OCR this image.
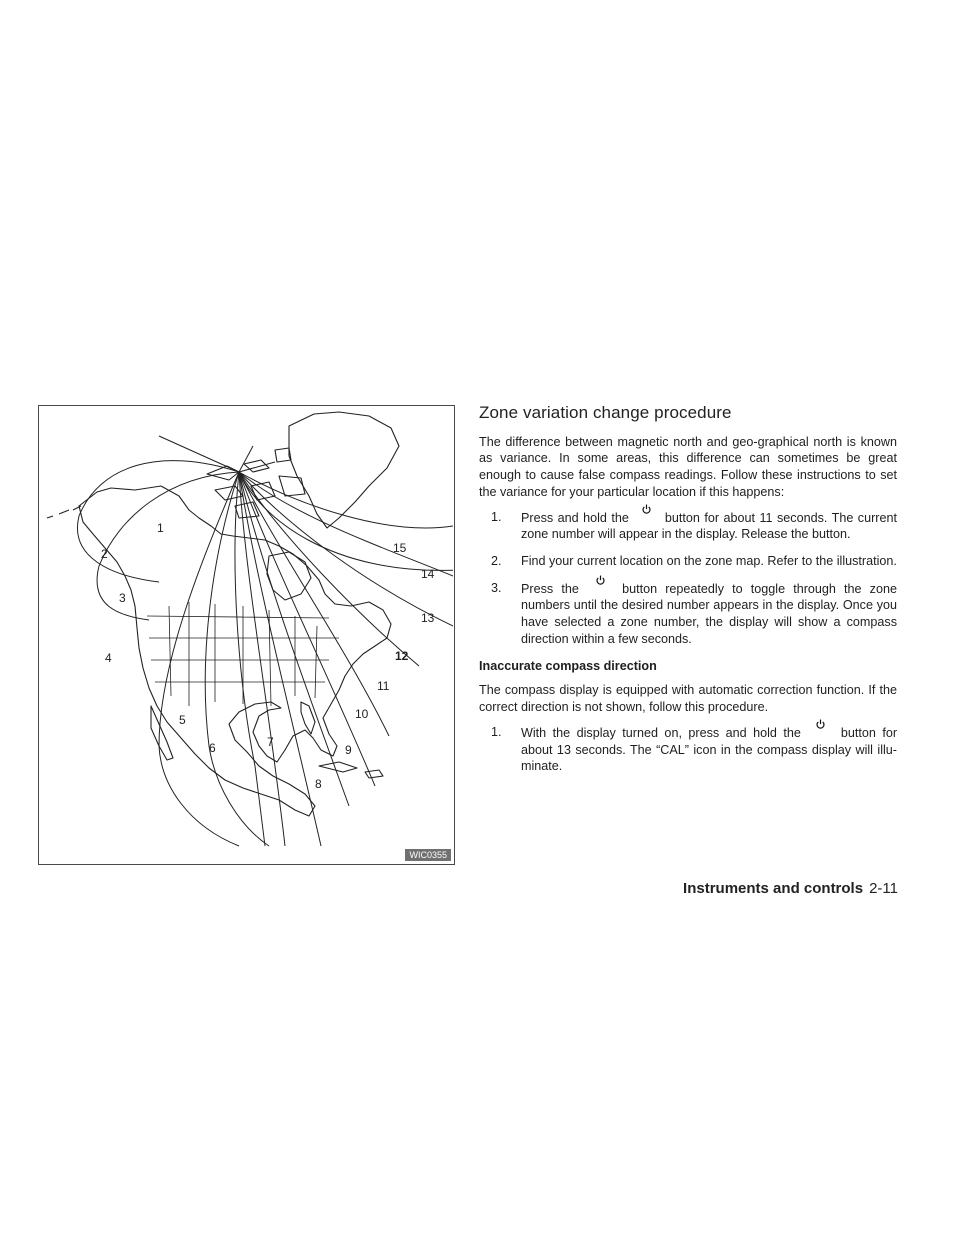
1
2
3
4
5
6	7
8
9
10
11
12
13
14
15
WIC0355
Zone variation change procedure

The difference between magnetic north and geo-graphical north is known as variance. In some areas, this difference can sometimes be great enough to cause false compass readings. Follow these instructions to set the variance for your particular location if this happens:

1. Press and hold the	button for about 11 seconds. The current zone number will appear in the display. Release the button.
2. Find your current location on the zone map. Refer to the illustration.
3. Press the	button repeatedly to toggle through the zone numbers until the desired number appears in the display. Once you have selected a zone number, the display will show a compass direction within a few seconds.
Inaccurate compass direction

The compass display is equipped with automatic correction function. If the correct direction is not shown, follow this procedure.

1. With the display turned on, press and hold the	button for about 13 seconds. The “CAL” icon in the compass display will illu-minate.
Instruments and controls 2-11
